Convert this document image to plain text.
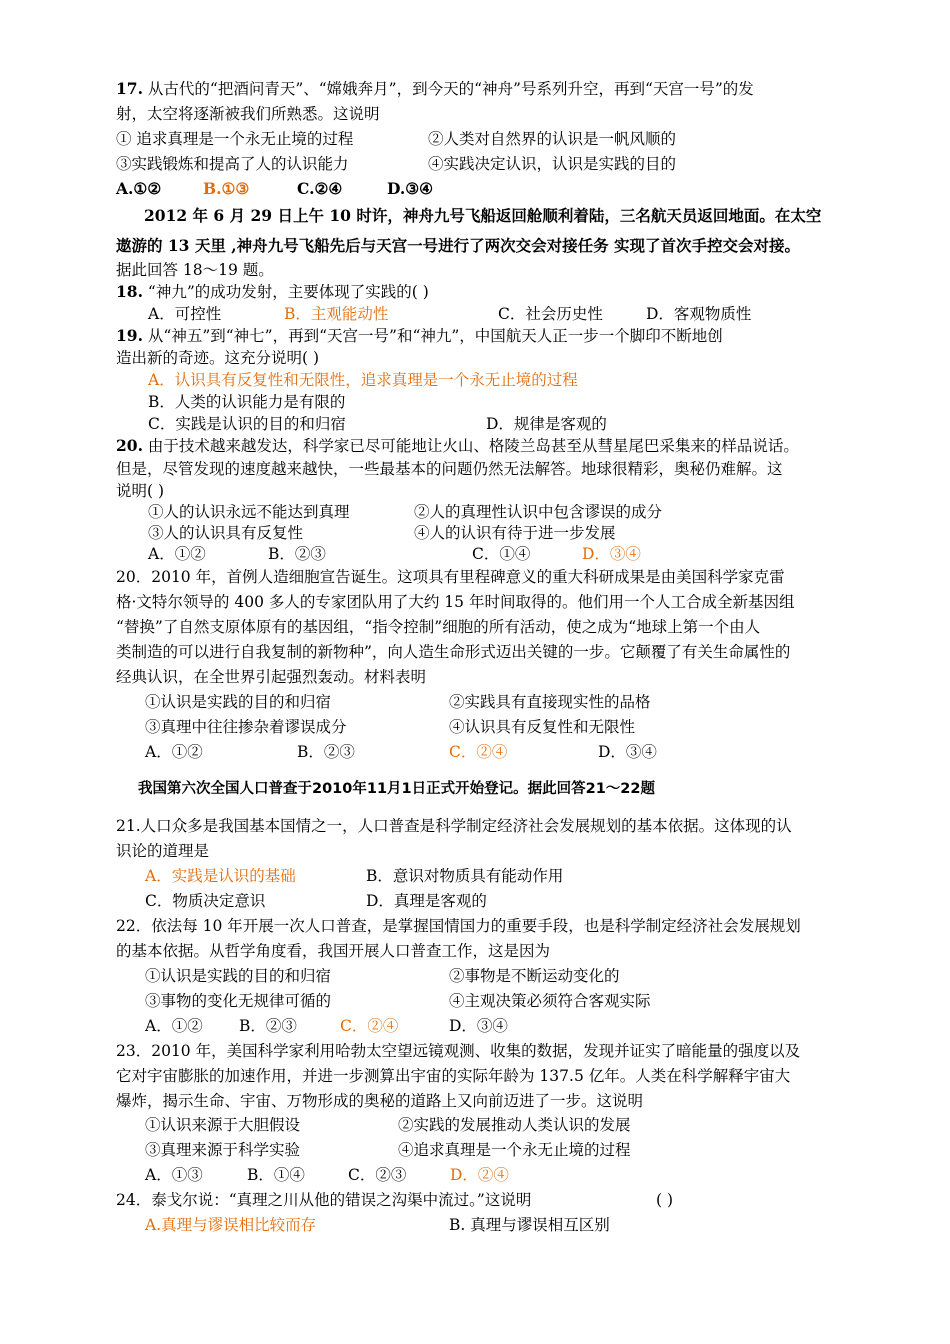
17. 从古代的“把酒问青天”、“嫦娥奔月”，到今天的“神舟”号系列升空，再到“天宫一号”的发
射，太空将逐渐被我们所熟悉。这说明
① 追求真理是一个永无止境的过程	②人类对自然界的认识是一帆风顺的
③实践锻炼和提高了人的认识能力	④实践决定认识，认识是实践的目的
A.①②	B.①③	C.②④	D.③④
2012 年 6 月 29 日上午 10 时许，神舟九号飞船返回舱顺利着陆，三名航天员返回地面。在太空
遨游的 13 天里 ,神舟九号飞船先后与天宫一号进行了两次交会对接任务 实现了首次手控交会对接。
据此回答 18～19 题。
18. “神九”的成功发射，主要体现了实践的( )
A．可控性	B．主观能动性	C．社会历史性	D．客观物质性
19. 从“神五”到“神七”，再到“天宫一号”和“神九”，中国航天人正一步一个脚印不断地创
造出新的奇迹。这充分说明( )
A．认识具有反复性和无限性，追求真理是一个永无止境的过程
B．人类的认识能力是有限的
C．实践是认识的目的和归宿	D．规律是客观的
20. 由于技术越来越发达，科学家已尽可能地让火山、格陵兰岛甚至从彗星尾巴采集来的样品说话。
但是，尽管发现的速度越来越快，一些最基本的问题仍然无法解答。地球很精彩，奥秘仍难解。这
说明( )
①人的认识永远不能达到真理	②人的真理性认识中包含谬误的成分
③人的认识具有反复性	④人的认识有待于进一步发展
A．①②	B．②③	C．①④	D．③④
20．2010 年，首例人造细胞宣告诞生。这项具有里程碑意义的重大科研成果是由美国科学家克雷
格·文特尔领导的 400 多人的专家团队用了大约 15 年时间取得的。他们用一个人工合成全新基因组
“替换”了自然支原体原有的基因组，“指令控制”细胞的所有活动，使之成为“地球上第一个由人
类制造的可以进行自我复制的新物种”，向人造生命形式迈出关键的一步。它颠覆了有关生命属性的
经典认识，在全世界引起强烈轰动。材料表明
①认识是实践的目的和归宿	②实践具有直接现实性的品格
③真理中往往掺杂着谬误成分	④认识具有反复性和无限性
A．①②	B．②③	C．②④	D．③④
我国第六次全国人口普查于2010年11月1日正式开始登记。据此回答21～22题
21.人口众多是我国基本国情之一，人口普查是科学制定经济社会发展规划的基本依据。这体现的认
识论的道理是
A．实践是认识的基础	B．意识对物质具有能动作用
C．物质决定意识	D．真理是客观的
22．依法每 10 年开展一次人口普查，是掌握国情国力的重要手段，也是科学制定经济社会发展规划
的基本依据。从哲学角度看，我国开展人口普查工作，这是因为
①认识是实践的目的和归宿	②事物是不断运动变化的
③事物的变化无规律可循的	④主观决策必须符合客观实际
A．①② B．②③	C．②④	D．③④
23．2010 年，美国科学家利用哈勃太空望远镜观测、收集的数据，发现并证实了暗能量的强度以及
它对宇宙膨胀的加速作用，并进一步测算出宇宙的实际年龄为 137.5 亿年。人类在科学解释宇宙大
爆炸，揭示生命、宇宙、万物形成的奥秘的道路上又向前迈进了一步。这说明
①认识来源于大胆假设	②实践的发展推动人类认识的发展
③真理来源于科学实验	④追求真理是一个永无止境的过程
A．①③	B．①④	C．②③	D．②④
24．泰戈尔说：“真理之川从他的错误之沟渠中流过。”这说明	( )
A.真理与谬误相比较而存	B. 真理与谬误相互区别
